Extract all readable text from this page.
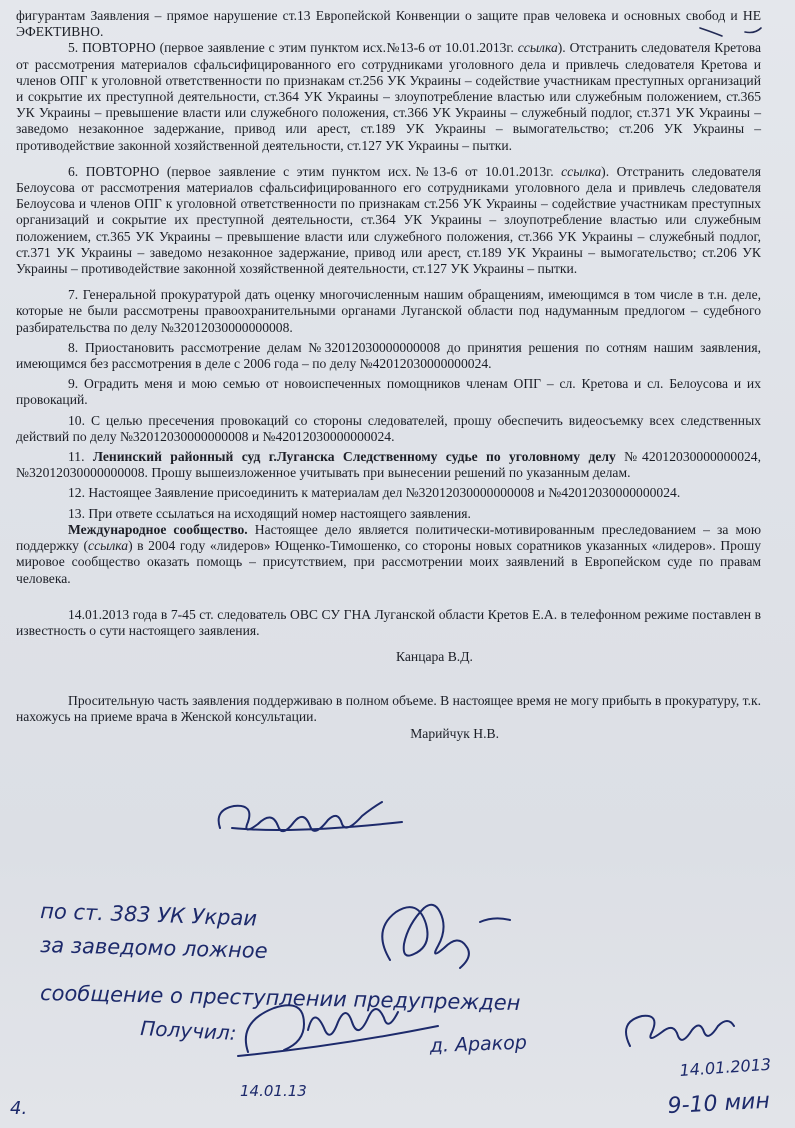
фигурантам Заявления – прямое нарушение ст.13 Европейской Конвенции о защите прав человека и основных свобод и НЕ ЭФЕКТИВНО.

5. ПОВТОРНО (первое заявление с этим пунктом исх.№13-6 от 10.01.2013г. ссылка). Отстранить следователя Кретова от рассмотрения материалов сфальсифицированного его сотрудниками уголовного дела и привлечь следователя Кретова и членов ОПГ к уголовной ответственности по признакам ст.256 УК Украины – содействие участникам преступных организаций и сокрытие их преступной деятельности, ст.364 УК Украины – злоупотребление властью или служебным положением, ст.365 УК Украины – превышение власти или служебного положения, ст.366 УК Украины – служебный подлог, ст.371 УК Украины – заведомо незаконное задержание, привод или арест, ст.189 УК Украины – вымогательство; ст.206 УК Украины – противодействие законной хозяйственной деятельности, ст.127 УК Украины – пытки.

6. ПОВТОРНО (первое заявление с этим пунктом исх.№13-6 от 10.01.2013г. ссылка). Отстранить следователя Белоусова от рассмотрения материалов сфальсифицированного его сотрудниками уголовного дела и привлечь следователя Белоусова и членов ОПГ к уголовной ответственности по признакам ст.256 УК Украины – содействие участникам преступных организаций и сокрытие их преступной деятельности, ст.364 УК Украины – злоупотребление властью или служебным положением, ст.365 УК Украины – превышение власти или служебного положения, ст.366 УК Украины – служебный подлог, ст.371 УК Украины – заведомо незаконное задержание, привод или арест, ст.189 УК Украины – вымогательство; ст.206 УК Украины – противодействие законной хозяйственной деятельности, ст.127 УК Украины – пытки.

7. Генеральной прокуратурой дать оценку многочисленным нашим обращениям, имеющимся в том числе в т.н. деле, которые не были рассмотрены правоохранительными органами Луганской области под надуманным предлогом – судебного разбирательства по делу №32012030000000008.

8. Приостановить рассмотрение делам №32012030000000008 до принятия решения по сотням нашим заявления, имеющимся без рассмотрения в деле с 2006 года – по делу №42012030000000024.

9. Оградить меня и мою семью от новоиспеченных помощников членам ОПГ – сл. Кретова и сл. Белоусова и их провокаций.

10. С целью пресечения провокаций со стороны следователей, прошу обеспечить видеосъемку всех следственных действий по делу №32012030000000008 и №42012030000000024.

11. Ленинский районный суд г.Луганска Следственному судье по уголовному делу №42012030000000024, №32012030000000008. Прошу вышеизложенное учитывать при вынесении решений по указанным делам.

12. Настоящее Заявление присоединить к материалам дел №32012030000000008 и №42012030000000024.

13. При ответе ссылаться на исходящий номер настоящего заявления.

Международное сообщество. Настоящее дело является политически-мотивированным преследованием – за мою поддержку (ссылка) в 2004 году «лидеров» Ющенко-Тимошенко, со стороны новых соратников указанных «лидеров». Прошу мировое сообщество оказать помощь – присутствием, при рассмотрении моих заявлений в Европейском суде по правам человека.

14.01.2013 года в 7-45 ст. следователь ОВС СУ ГНА Луганской области Кретов Е.А. в телефонном режиме поставлен в известность о сути настоящего заявления.

Канцара В.Д.

Просительную часть заявления поддерживаю в полном объеме. В настоящее время не могу прибыть в прокуратуру, т.к. нахожусь на приеме врача в Женской консультации.

Марийчук Н.В.

по ст. 383 УК Украи
за заведомо ложное
сообщение о преступлении предупрежден
Получил:	д. Аракор
14.01.2013
9-10 мин
14.01.13
4.
